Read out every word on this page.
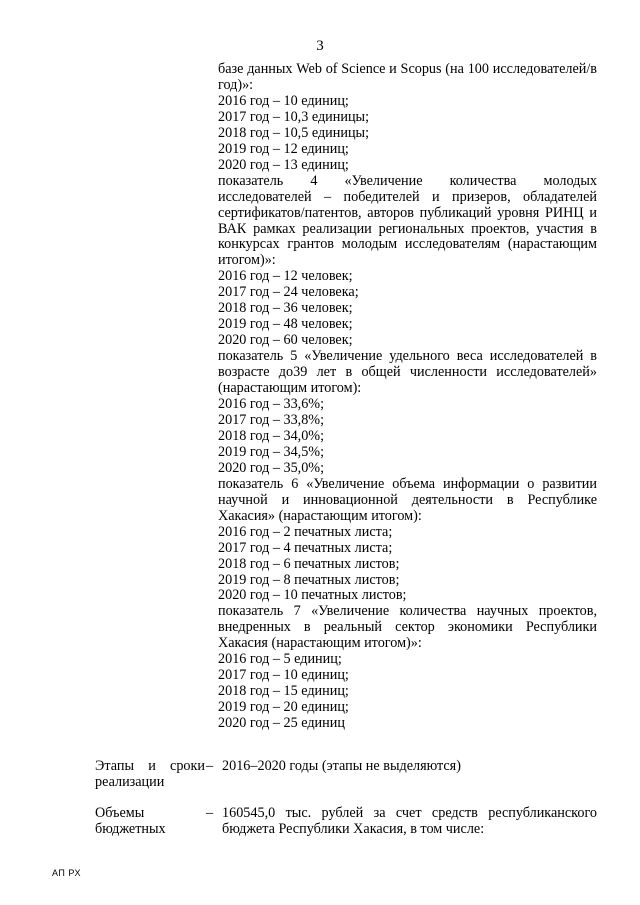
3

базе данных Web of Science и Scopus (на 100 исследователей/в

год)»:

2016 год – 10 единиц;

2017 год – 10,3 единицы;

2018 год – 10,5 единицы;

2019 год – 12 единиц;

2020 год – 13 единиц;

показатель 4 «Увеличение количества молодых

исследователей – победителей и призеров, обладателей

сертификатов/патентов, авторов публикаций уровня РИНЦ и

ВАК рамках реализации региональных проектов, участия в

конкурсах грантов молодым исследователям (нарастающим

итогом)»:

2016 год – 12 человек;

2017 год – 24 человека;

2018 год – 36 человек;

2019 год – 48 человек;

2020 год – 60 человек;

показатель 5 «Увеличение удельного веса исследователей в

возрасте до39 лет в общей численности исследователей»

(нарастающим итогом):

2016 год – 33,6%;

2017 год – 33,8%;

2018 год – 34,0%;

2019 год – 34,5%;

2020 год – 35,0%;

показатель 6 «Увеличение объема информации о развитии

научной и инновационной деятельности в Республике

Хакасия» (нарастающим итогом):

2016 год – 2 печатных листа;

2017 год – 4 печатных листа;

2018 год – 6 печатных листов;

2019 год – 8 печатных листов;

2020 год – 10 печатных листов;

показатель 7 «Увеличение количества научных проектов,

внедренных в реальный сектор экономики Республики

Хакасия (нарастающим итогом)»:

2016 год – 5 единиц;

2017 год – 10 единиц;

2018 год – 15 единиц;

2019 год – 20 единиц;

2020 год – 25 единиц

Этапы и сроки

реализации

– 2016–2020 годы (этапы не выделяются)

Объемы

бюджетных

– 160545,0 тыс. рублей за счет средств республиканского

бюджета Республики Хакасия, в том числе:

АП РХ
